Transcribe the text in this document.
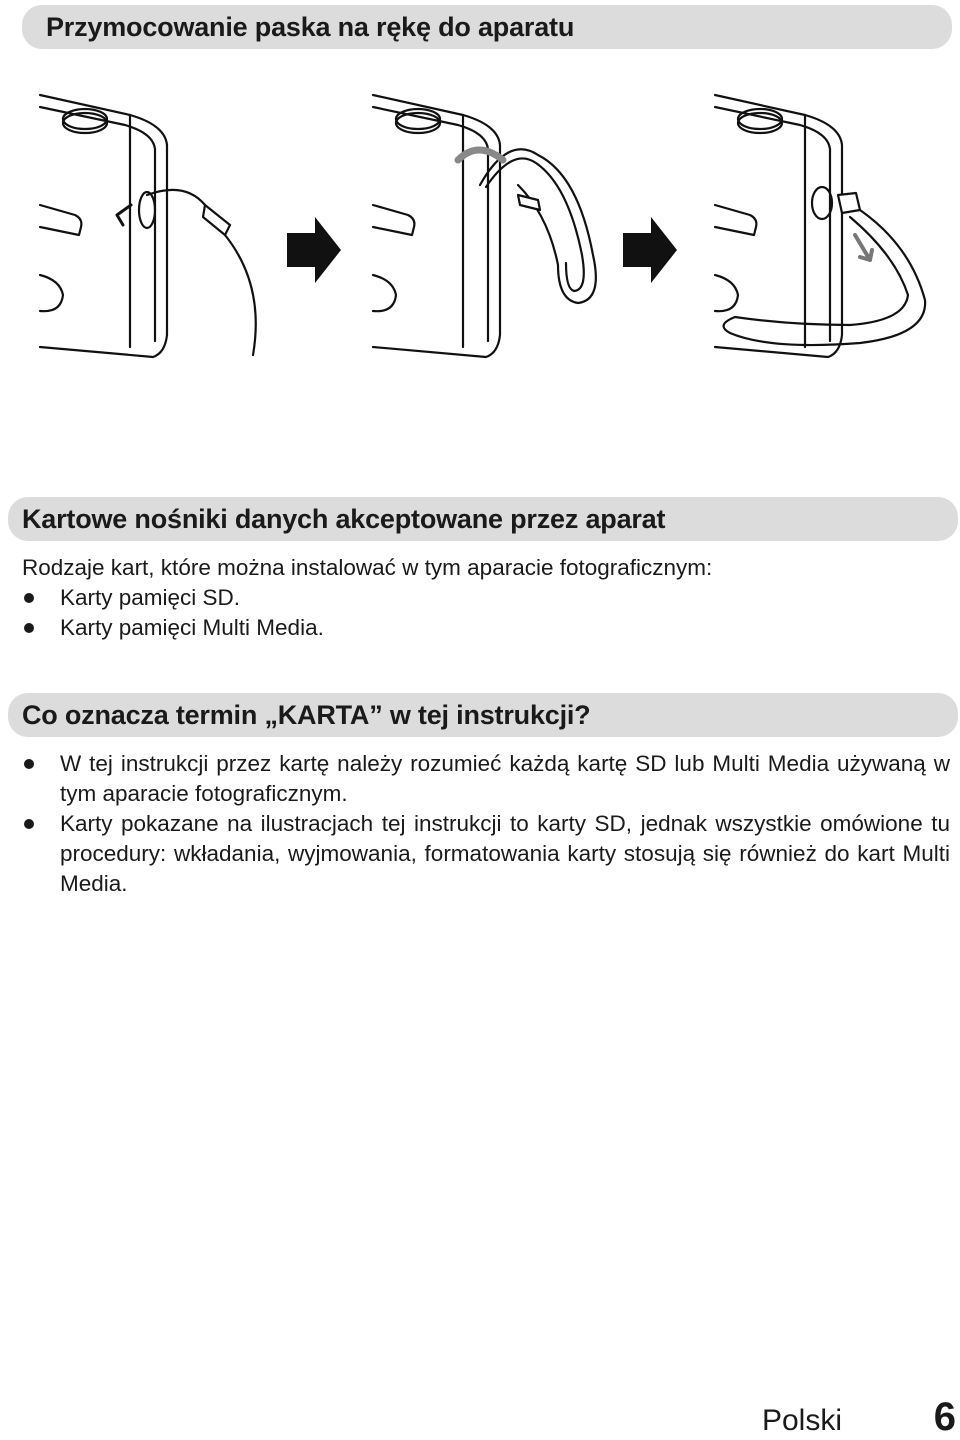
Przymocowanie paska na rękę do aparatu
Kartowe nośniki danych akceptowane przez aparat

Rodzaje kart, które można instalować w tym aparacie fotograficznym:

Karty pamięci SD.
Karty pamięci Multi Media.
Co oznacza termin „KARTA” w tej instrukcji?
W tej instrukcji przez kartę należy rozumieć każdą kartę SD lub Multi Media używaną w tym aparacie fotograficznym.
Karty pokazane na ilustracjach tej instrukcji to karty SD, jednak wszystkie omówione tu procedury: wkładania, wyjmowania, formatowania karty stosują się również do kart Multi Media.
Polski 6
